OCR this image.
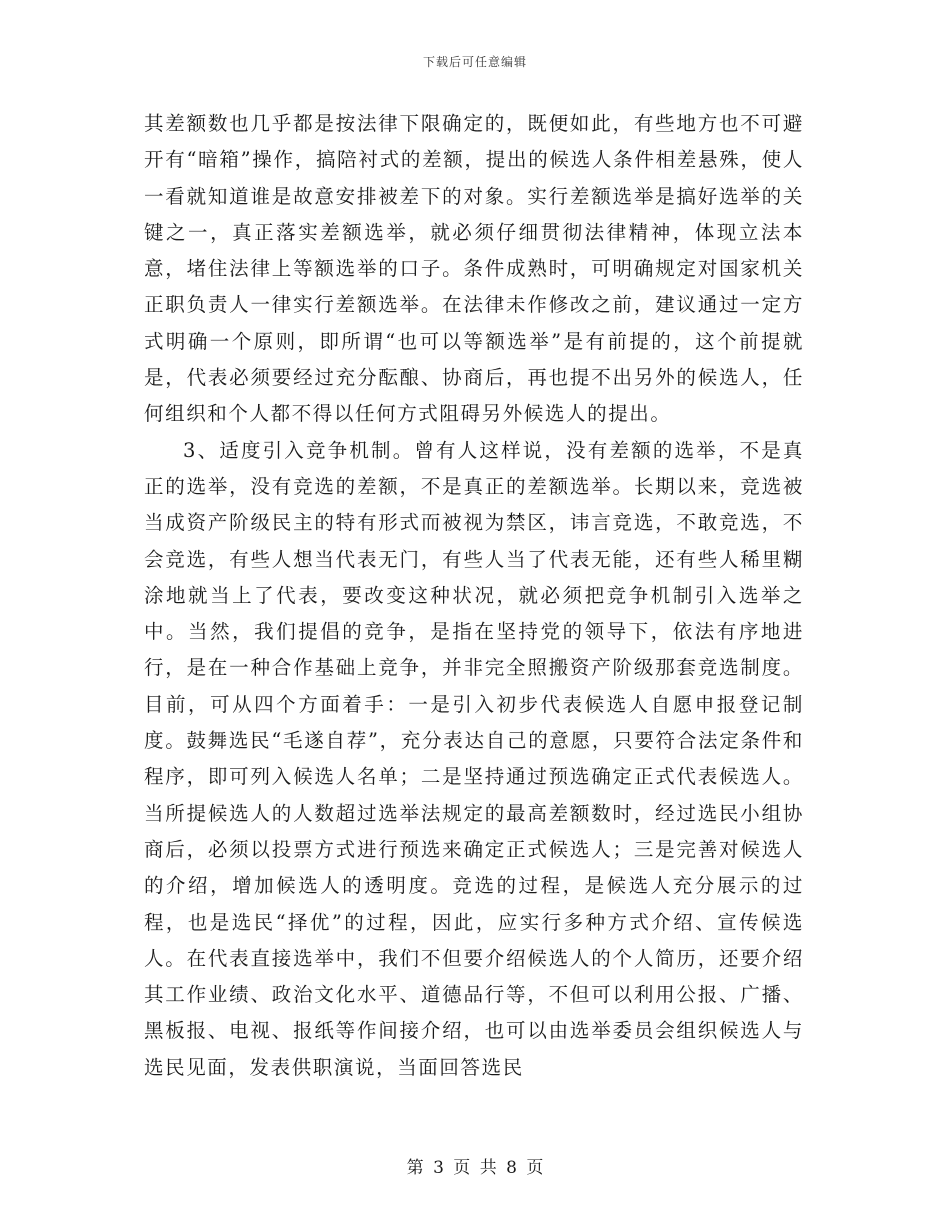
下载后可任意编辑

其差额数也几乎都是按法律下限确定的，既便如此，有些地方也不可避开有“暗箱”操作，搞陪衬式的差额，提出的候选人条件相差悬殊，使人一看就知道谁是故意安排被差下的对象。实行差额选举是搞好选举的关键之一，真正落实差额选举，就必须仔细贯彻法律精神，体现立法本意，堵住法律上等额选举的口子。条件成熟时，可明确规定对国家机关正职负责人一律实行差额选举。在法律未作修改之前，建议通过一定方式明确一个原则，即所谓“也可以等额选举”是有前提的，这个前提就是，代表必须要经过充分酝酿、协商后，再也提不出另外的候选人，任何组织和个人都不得以任何方式阻碍另外候选人的提出。

3、适度引入竞争机制。曾有人这样说，没有差额的选举，不是真正的选举，没有竞选的差额，不是真正的差额选举。长期以来，竞选被当成资产阶级民主的特有形式而被视为禁区，讳言竞选，不敢竞选，不会竞选，有些人想当代表无门，有些人当了代表无能，还有些人稀里糊涂地就当上了代表，要改变这种状况，就必须把竞争机制引入选举之中。当然，我们提倡的竞争，是指在坚持党的领导下，依法有序地进行，是在一种合作基础上竞争，并非完全照搬资产阶级那套竞选制度。目前，可从四个方面着手：一是引入初步代表候选人自愿申报登记制度。鼓舞选民“毛遂自荐”，充分表达自己的意愿，只要符合法定条件和程序，即可列入候选人名单；二是坚持通过预选确定正式代表候选人。当所提候选人的人数超过选举法规定的最高差额数时，经过选民小组协商后，必须以投票方式进行预选来确定正式候选人；三是完善对候选人的介绍，增加候选人的透明度。竞选的过程，是候选人充分展示的过程，也是选民“择优”的过程，因此，应实行多种方式介绍、宣传候选人。在代表直接选举中，我们不但要介绍候选人的个人简历，还要介绍其工作业绩、政治文化水平、道德品行等，不但可以利用公报、广播、黑板报、电视、报纸等作间接介绍，也可以由选举委员会组织候选人与选民见面，发表供职演说，当面回答选民

第 3 页 共 8 页
